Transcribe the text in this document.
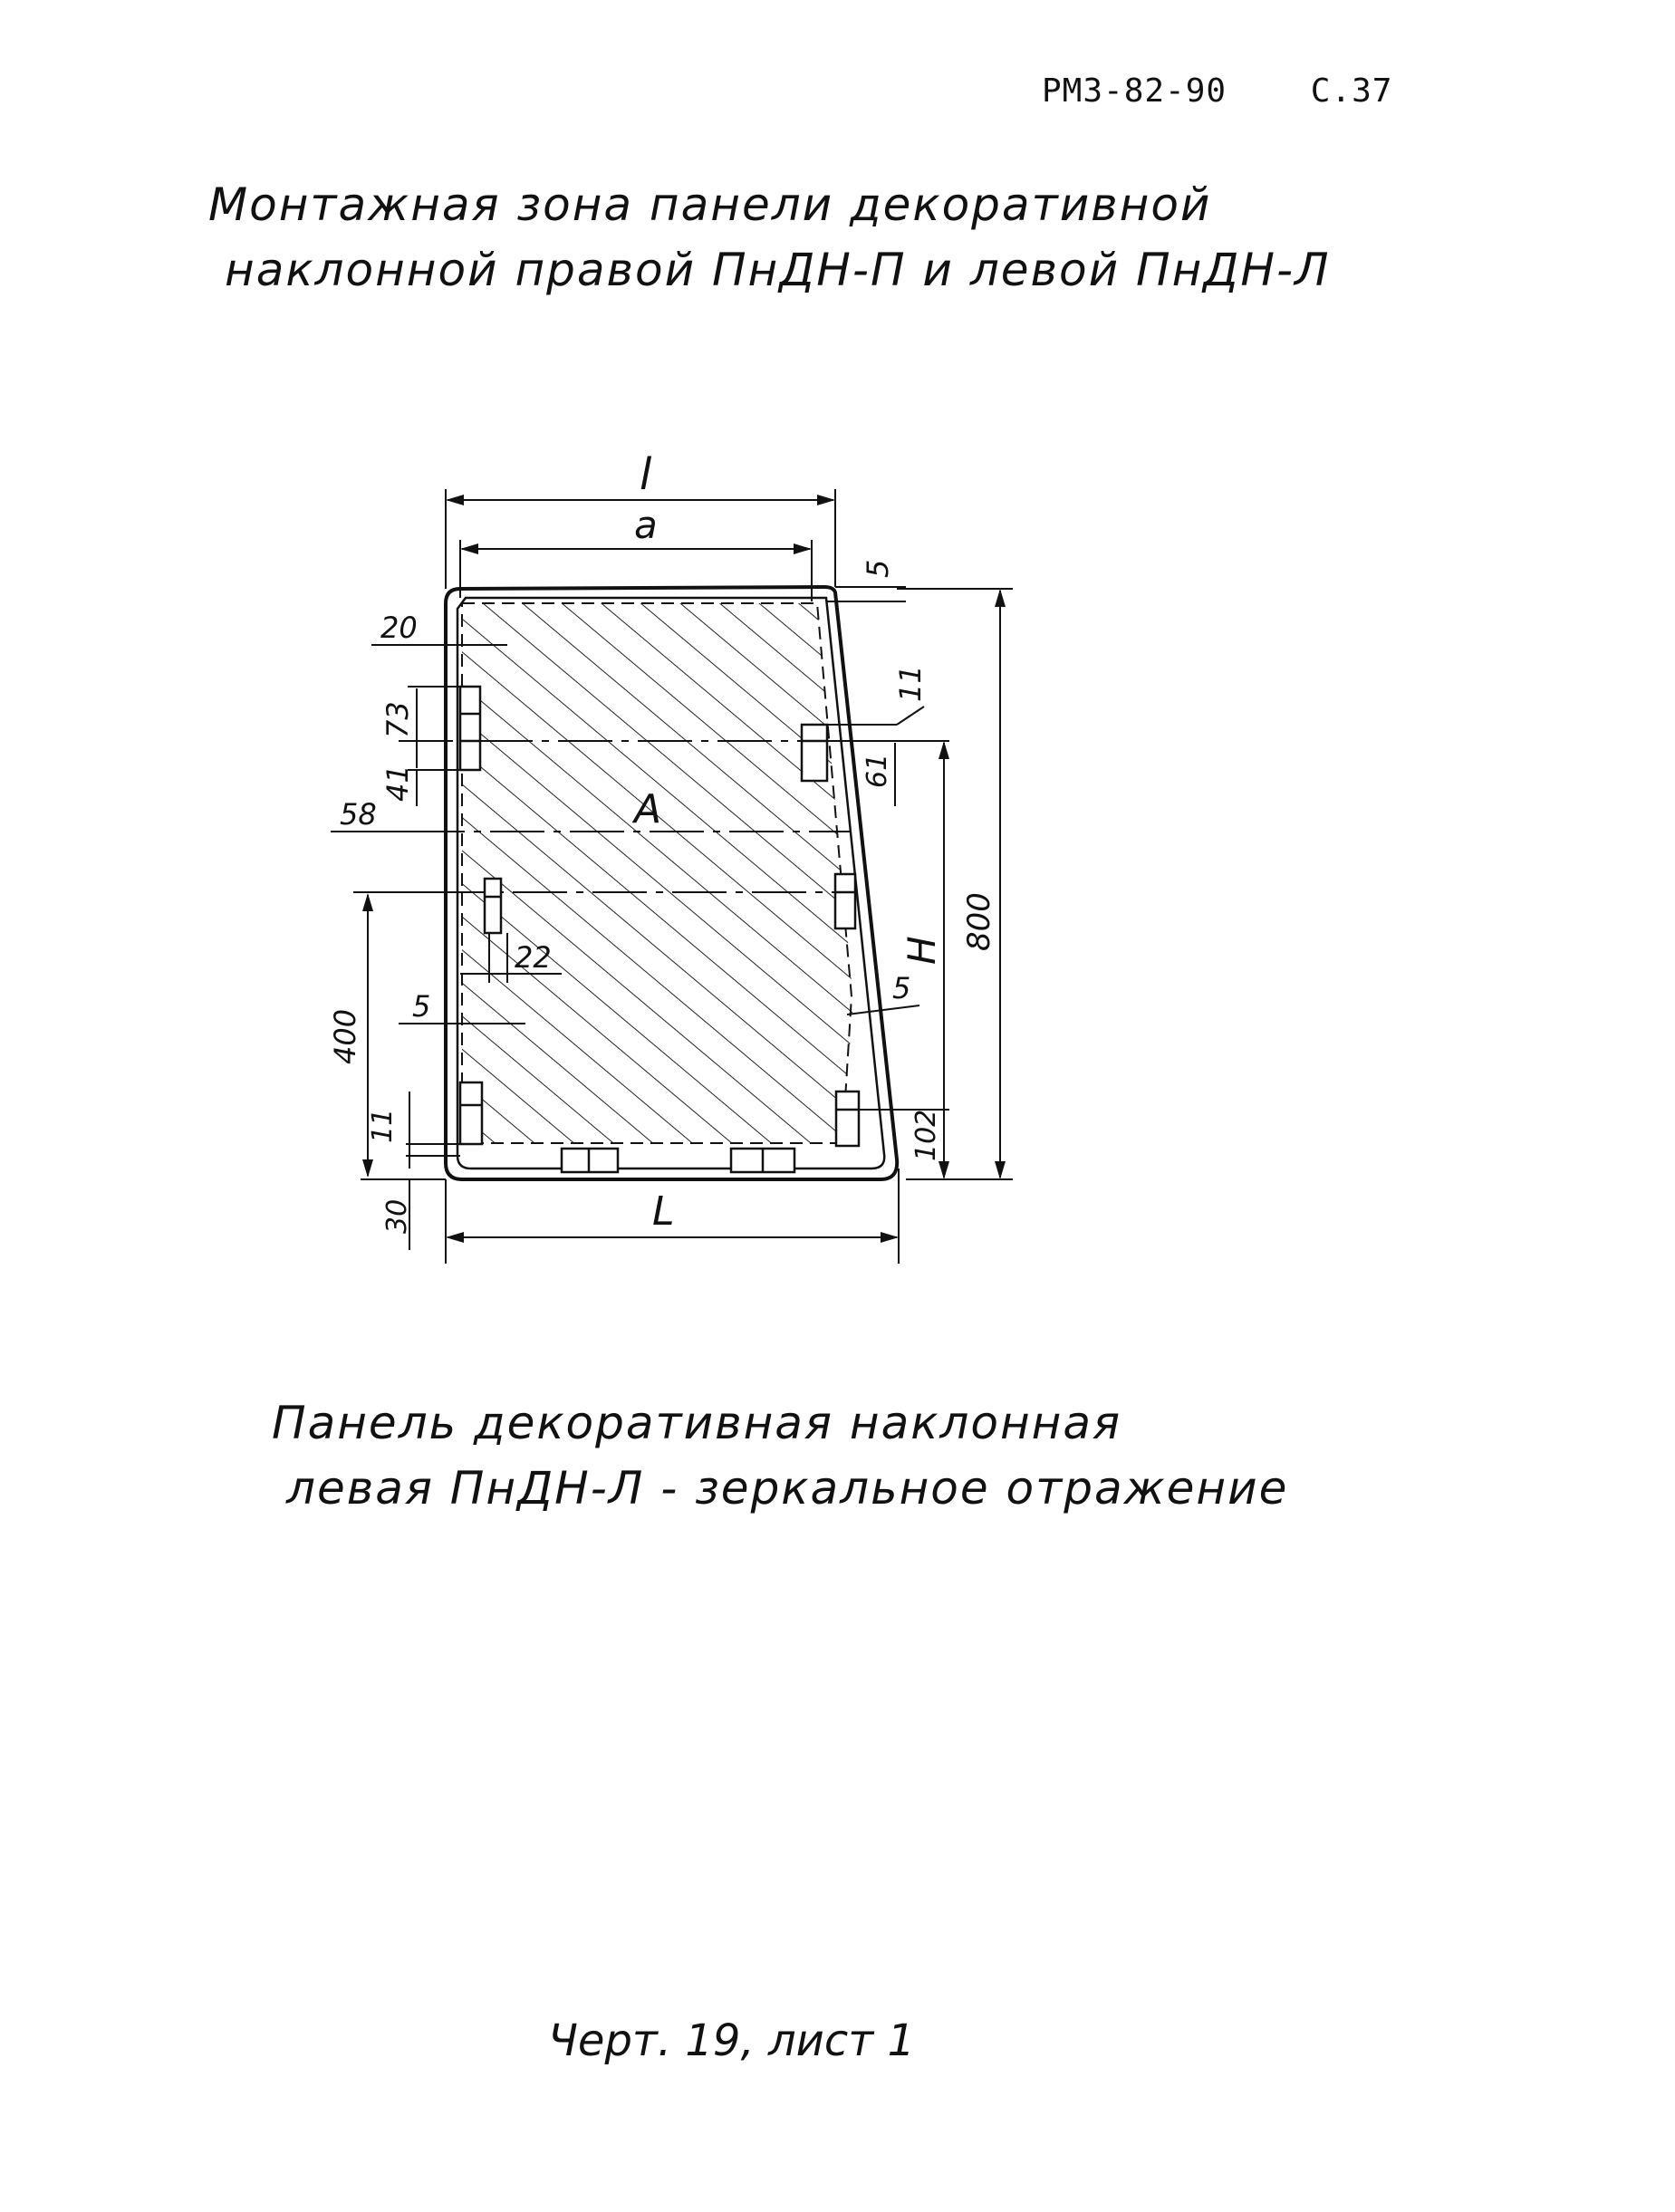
РМЗ-82-90	С.37
Монтажная зона панели декоративной
наклонной правой ПнДН-П и левой ПнДН-Л
l
a
A
H
L
5
20
73
41
11
61
58
22
5
5
400
800
11	102
30
Панель декоративная наклонная
левая ПнДН-Л - зеркальное отражение
Черт. 19, лист 1
